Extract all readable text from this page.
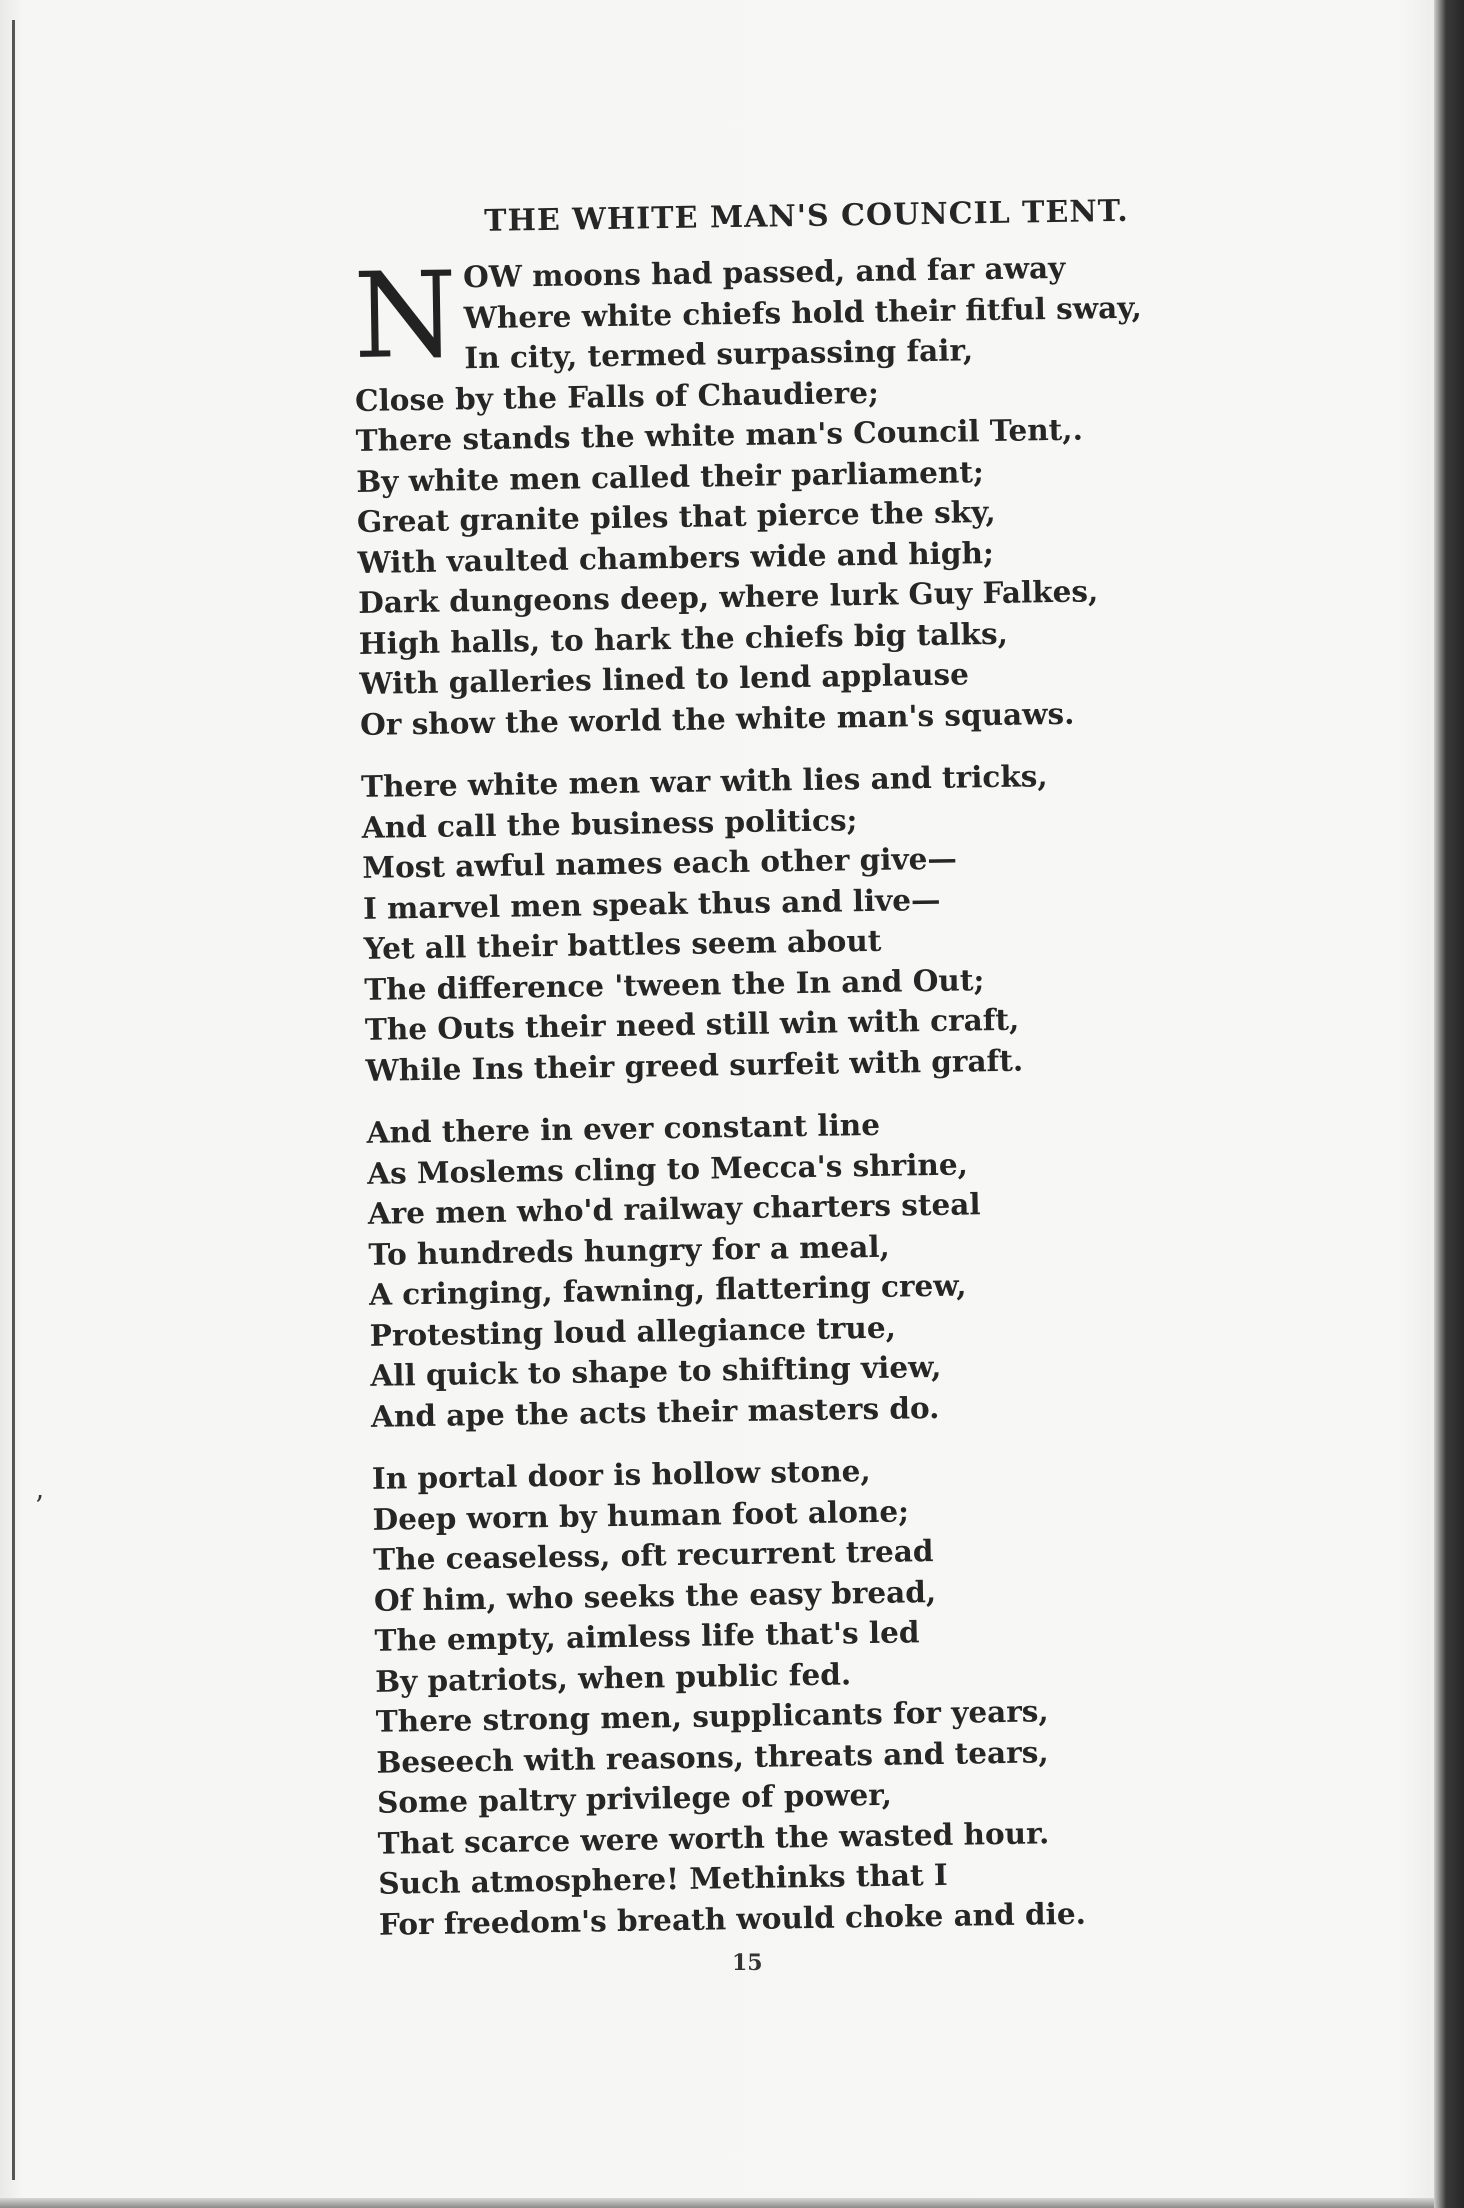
ʼ
THE WHITE MAN'S COUNCIL TENT.
N OW moons had passed, and far away
Where white chiefs hold their fitful sway,
In city, termed surpassing fair,
Close by the Falls of Chaudiere;
There stands the white man's Council Tent,.
By white men called their parliament;
Great granite piles that pierce the sky,
With vaulted chambers wide and high;
Dark dungeons deep, where lurk Guy Falkes,
High halls, to hark the chiefs big talks,
With galleries lined to lend applause
Or show the world the white man's squaws.
There white men war with lies and tricks,
And call the business politics;
Most awful names each other give—
I marvel men speak thus and live—
Yet all their battles seem about
The difference 'tween the In and Out;
The Outs their need still win with craft,
While Ins their greed surfeit with graft.
And there in ever constant line
As Moslems cling to Mecca's shrine,
Are men who'd railway charters steal
To hundreds hungry for a meal,
A cringing, fawning, flattering crew,
Protesting loud allegiance true,
All quick to shape to shifting view,
And ape the acts their masters do.
In portal door is hollow stone,
Deep worn by human foot alone;
The ceaseless, oft recurrent tread
Of him, who seeks the easy bread,
The empty, aimless life that's led
By patriots, when public fed.
There strong men, supplicants for years,
Beseech with reasons, threats and tears,
Some paltry privilege of power,
That scarce were worth the wasted hour.
Such atmosphere! Methinks that I
For freedom's breath would choke and die.
15
